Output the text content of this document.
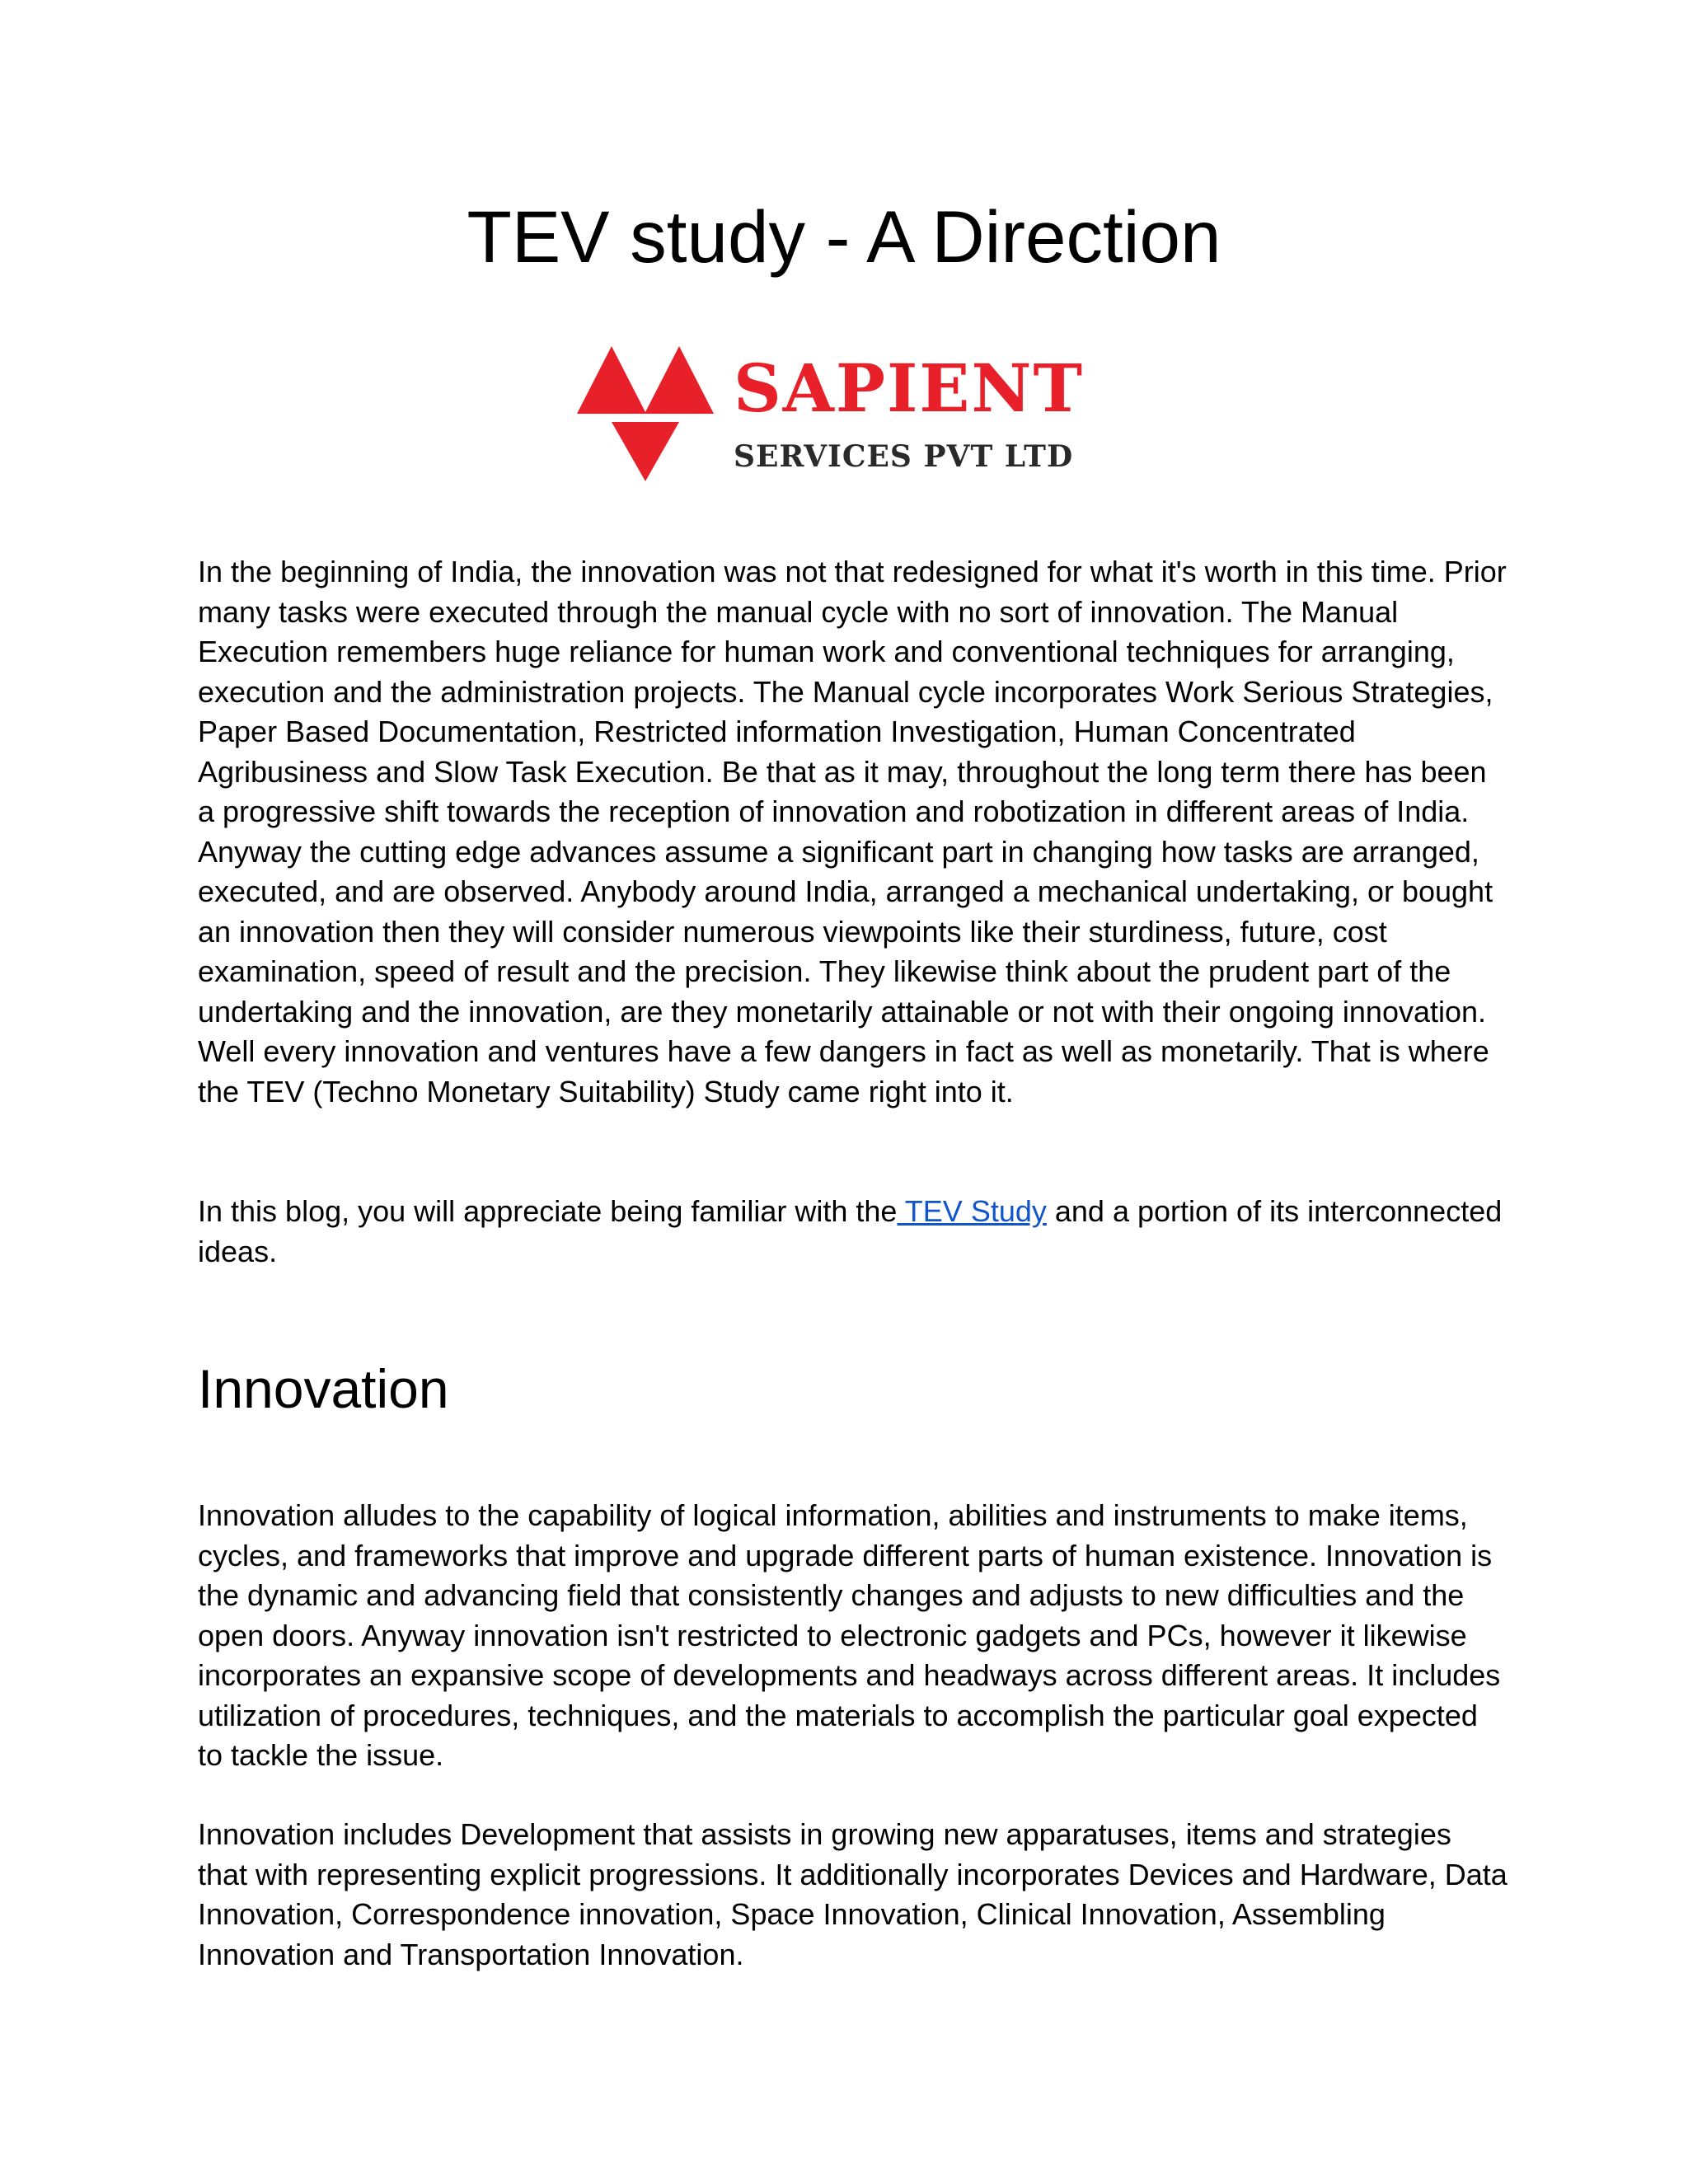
TEV study - A Direction
SAPIENT
SERVICES PVT LTD

In the beginning of India, the innovation was not that redesigned for what it's worth in this time. Prior many tasks were executed through the manual cycle with no sort of innovation. The Manual Execution remembers huge reliance for human work and conventional techniques for arranging, execution and the administration projects. The Manual cycle incorporates Work Serious Strategies, Paper Based Documentation, Restricted information Investigation, Human Concentrated Agribusiness and Slow Task Execution. Be that as it may, throughout the long term there has been a progressive shift towards the reception of innovation and robotization in different areas of India. Anyway the cutting edge advances assume a significant part in changing how tasks are arranged, executed, and are observed. Anybody around India, arranged a mechanical undertaking, or bought an innovation then they will consider numerous viewpoints like their sturdiness, future, cost examination, speed of result and the precision. They likewise think about the prudent part of the undertaking and the innovation, are they monetarily attainable or not with their ongoing innovation. Well every innovation and ventures have a few dangers in fact as well as monetarily. That is where the TEV (Techno Monetary Suitability) Study came right into it.

In this blog, you will appreciate being familiar with the TEV Study and a portion of its interconnected ideas.

Innovation

Innovation alludes to the capability of logical information, abilities and instruments to make items, cycles, and frameworks that improve and upgrade different parts of human existence. Innovation is the dynamic and advancing field that consistently changes and adjusts to new difficulties and the open doors. Anyway innovation isn't restricted to electronic gadgets and PCs, however it likewise incorporates an expansive scope of developments and headways across different areas. It includes utilization of procedures, techniques, and the materials to accomplish the particular goal expected to tackle the issue.

Innovation includes Development that assists in growing new apparatuses, items and strategies that with representing explicit progressions. It additionally incorporates Devices and Hardware, Data Innovation, Correspondence innovation, Space Innovation, Clinical Innovation, Assembling Innovation and Transportation Innovation.
